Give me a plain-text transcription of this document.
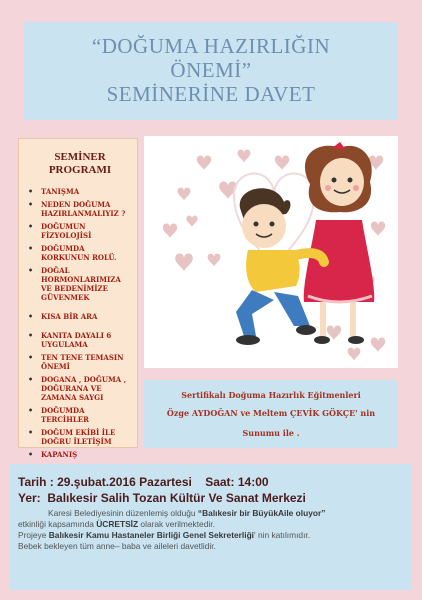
“DOĞUMA HAZIRLIĞIN
ÖNEMİ”
SEMİNERİNE DAVET
SEMİNER
PROGRAMI
• TANIŞMA
• NEDEN DOĞUMA HAZIRLANMALIYIZ ?
• DOĞUMUN FİZYOLOJİSİ
• DOĞUMDA KORKUNUN ROLÜ.
• DOĞAL HORMONLARIMIZA VE BEDENİMİZE GÜVENMEK
• KISA BİR ARA
• KANITA DAYALI 6 UYGULAMA
• TEN TENE TEMASIN ÖNEMİ
• DOGANA , DOĞUMA , DOĞURANA VE ZAMANA SAYGI
• DOĞUMDA TERCİHLER
• DOĞUM EKİBİ İLE DOĞRU İLETİŞİM
• KAPANIŞ
Sertifikalı Doğuma Hazırlık Eğitmenleri
Özge AYDOĞAN ve Meltem ÇEVİK GÖKÇE' nin
Sunumu ile .
Tarih : 29.şubat.2016 Pazartesi Saat: 14:00
Yer: Balıkesir Salih Tozan Kültür Ve Sanat Merkezi
Karesi Belediyesinin düzenlemiş olduğu “Balıkesir bir BüyükAile oluyor”
etkinliği kapsamında ÜCRETSİZ olarak verilmektedir.
Projeye Balıkesir Kamu Hastaneler Birliği Genel Sekreterliği' nin katılımıdır.
Bebek bekleyen tüm anne– baba ve aileleri davetlidir.
